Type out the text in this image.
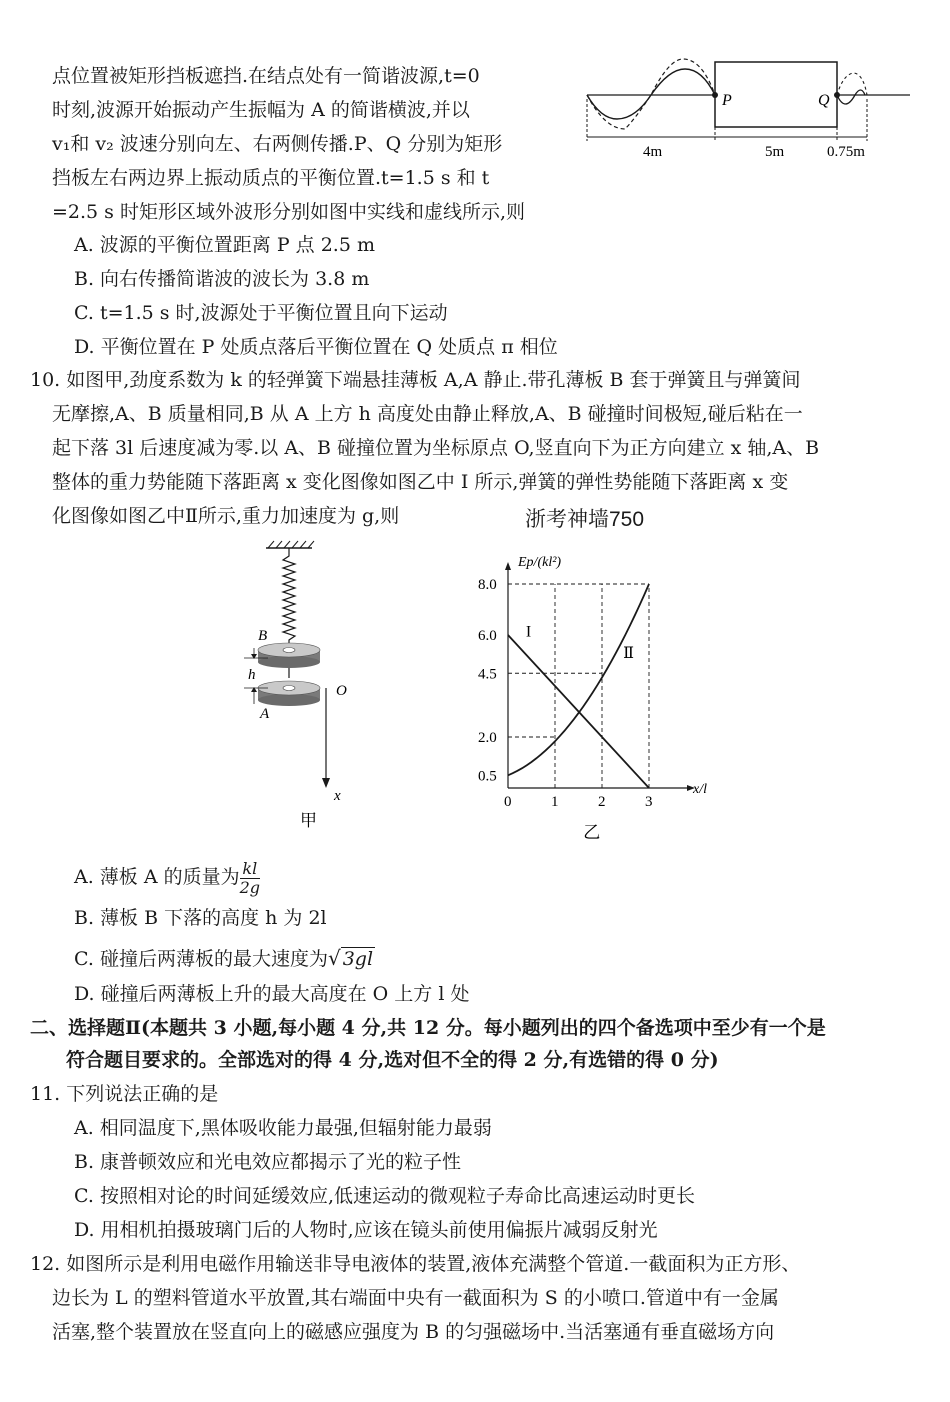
点位置被矩形挡板遮挡.在结点处有一简谐波源,t=0
时刻,波源开始振动产生振幅为 A 的简谐横波,并以
v₁和 v₂ 波速分别向左、右两侧传播.P、Q 分别为矩形
挡板左右两边界上振动质点的平衡位置.t=1.5 s 和 t
=2.5 s 时矩形区域外波形分别如图中实线和虚线所示,则
A. 波源的平衡位置距离 P 点 2.5 m
B. 向右传播简谐波的波长为 3.8 m
C. t=1.5 s 时,波源处于平衡位置且向下运动
D. 平衡位置在 P 处质点落后平衡位置在 Q 处质点 π 相位
P	Q
4m	5m	0.75m
10. 如图甲,劲度系数为 k 的轻弹簧下端悬挂薄板 A,A 静止.带孔薄板 B 套于弹簧且与弹簧间
无摩擦,A、B 质量相同,B 从 A 上方 h 高度处由静止释放,A、B 碰撞时间极短,碰后粘在一
起下落 3l 后速度减为零.以 A、B 碰撞位置为坐标原点 O,竖直向下为正方向建立 x 轴,A、B
整体的重力势能随下落距离 x 变化图像如图乙中 I 所示,弹簧的弹性势能随下落距离 x 变
化图像如图乙中Ⅱ所示,重力加速度为 g,则	浙考神墙750
B
h
A
O
x
甲
0	1	2	3
0.5
2.0
4.5
6.0
8.0
Ep/(kl²)
x/l
I
Ⅱ
乙
A. 薄板 A 的质量为 $\frac{kl}{2g}$
B. 薄板 B 下落的高度 h 为 2l
C. 碰撞后两薄板的最大速度为√ 3gl
D. 碰撞后两薄板上升的最大高度在 O 上方 l 处
二、选择题Ⅱ(本题共 3 小题,每小题 4 分,共 12 分。每小题列出的四个备选项中至少有一个是
符合题目要求的。全部选对的得 4 分,选对但不全的得 2 分,有选错的得 0 分)
11. 下列说法正确的是
A. 相同温度下,黑体吸收能力最强,但辐射能力最弱
B. 康普顿效应和光电效应都揭示了光的粒子性
C. 按照相对论的时间延缓效应,低速运动的微观粒子寿命比高速运动时更长
D. 用相机拍摄玻璃门后的人物时,应该在镜头前使用偏振片减弱反射光
12. 如图所示是利用电磁作用输送非导电液体的装置,液体充满整个管道.一截面积为正方形、
边长为 L 的塑料管道水平放置,其右端面中央有一截面积为 S 的小喷口.管道中有一金属
活塞,整个装置放在竖直向上的磁感应强度为 B 的匀强磁场中.当活塞通有垂直磁场方向
